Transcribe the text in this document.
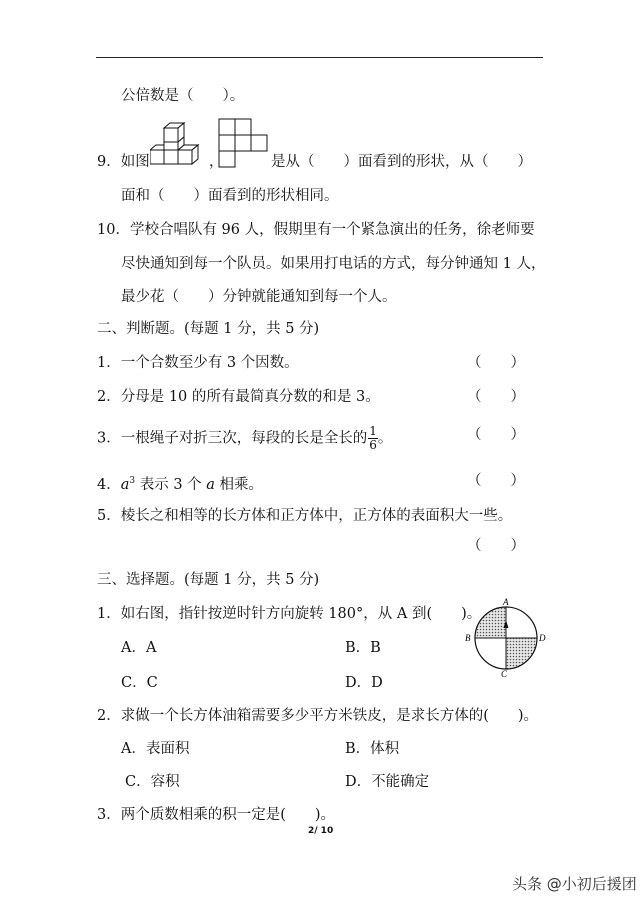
公倍数是（　　）。
9．如图	，	是从（　　）面看到的形状，从（　　）
面和（　　）面看到的形状相同。
10．学校合唱队有 96 人，假期里有一个紧急演出的任务，徐老师要
尽快通知到每一个队员。如果用打电话的方式，每分钟通知 1 人，
最少花（　　）分钟就能通知到每一个人。
二、判断题。(每题 1 分，共 5 分)
1．一个合数至少有 3 个因数。	（　　）
2．分母是 10 的所有最简真分数的和是 3。	（　　）
3．一根绳子对折三次，每段的长是全长的 $\frac{1}{6}$ 。	（　　）
4．$a^3$ 表示 3 个 a 相乘。	（　　）
5．棱长之和相等的长方体和正方体中，正方体的表面积大一些。
（　　）
三、选择题。(每题 1 分，共 5 分)
1．如右图，指针按逆时针方向旋转 180°，从 A 到(　　)。
A
B
C
D
A．A	B．B
C．C	D．D
2．求做一个长方体油箱需要多少平方米铁皮，是求长方体的(　　)。
A．表面积	B．体积
C．容积	D．不能确定
3．两个质数相乘的积一定是(　　)。
2/ 10
头条 @小初后援团
